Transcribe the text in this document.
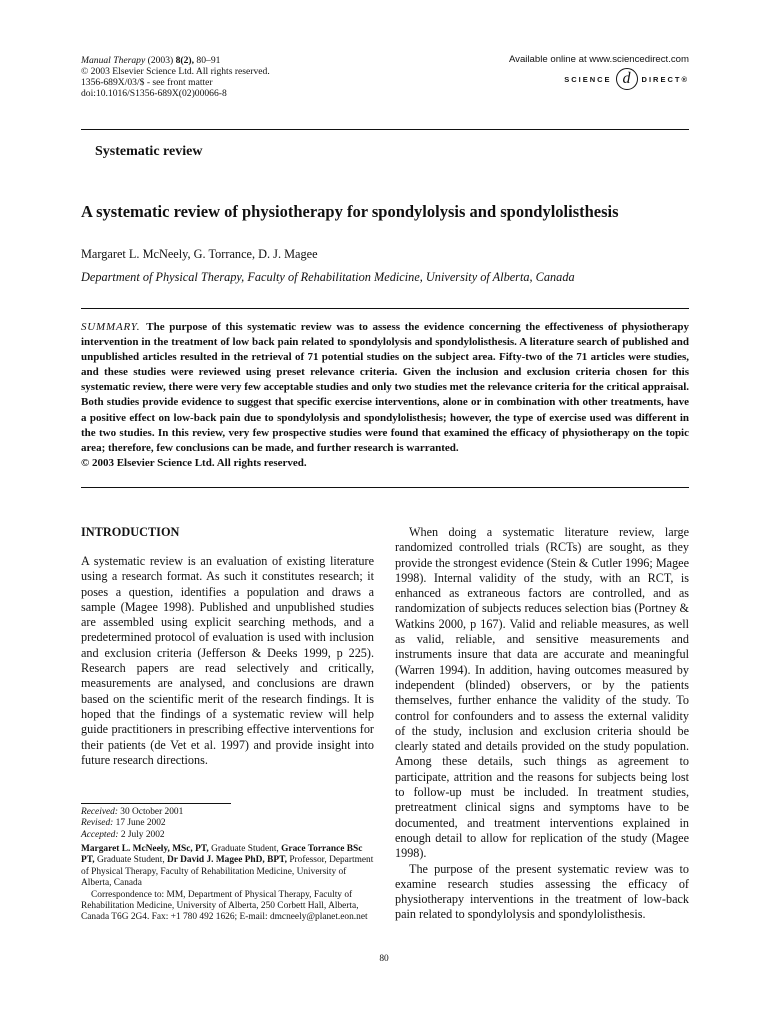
Manual Therapy (2003) 8(2), 80–91
© 2003 Elsevier Science Ltd. All rights reserved.
1356-689X/03/$ - see front matter
doi:10.1016/S1356-689X(02)00066-8
Available online at www.sciencedirect.com
SCIENCE d	DIRECT®
Systematic review
A systematic review of physiotherapy for spondylolysis and spondylolisthesis
Margaret L. McNeely, G. Torrance, D. J. Magee
Department of Physical Therapy, Faculty of Rehabilitation Medicine, University of Alberta, Canada
SUMMARY. The purpose of this systematic review was to assess the evidence concerning the effectiveness of physiotherapy intervention in the treatment of low back pain related to spondylolysis and spondylolisthesis. A literature search of published and unpublished articles resulted in the retrieval of 71 potential studies on the subject area. Fifty-two of the 71 articles were studies, and these studies were reviewed using preset relevance criteria. Given the inclusion and exclusion criteria chosen for this systematic review, there were very few acceptable studies and only two studies met the relevance criteria for the critical appraisal. Both studies provide evidence to suggest that specific exercise interventions, alone or in combination with other treatments, have a positive effect on low-back pain due to spondylolysis and spondylolisthesis; however, the type of exercise used was different in the two studies. In this review, very few prospective studies were found that examined the efficacy of physiotherapy on the topic area; therefore, few conclusions can be made, and further research is warranted.
© 2003 Elsevier Science Ltd. All rights reserved.
INTRODUCTION

A systematic review is an evaluation of existing literature using a research format. As such it constitutes research; it poses a question, identifies a population and draws a sample (Magee 1998). Published and unpublished studies are assembled using explicit searching methods, and a predetermined protocol of evaluation is used with inclusion and exclusion criteria (Jefferson & Deeks 1999, p 225). Research papers are read selectively and critically, measurements are analysed, and conclusions are drawn based on the scientific merit of the research findings. It is hoped that the findings of a systematic review will help guide practitioners in prescribing effective interventions for their patients (de Vet et al. 1997) and provide insight into future research directions.

Received: 30 October 2001
Revised: 17 June 2002
Accepted: 2 July 2002
Margaret L. McNeely, MSc, PT, Graduate Student, Grace Torrance BSc PT, Graduate Student, Dr David J. Magee PhD, BPT, Professor, Department of Physical Therapy, Faculty of Rehabilitation Medicine, University of Alberta, Canada
Correspondence to: MM, Department of Physical Therapy, Faculty of Rehabilitation Medicine, University of Alberta, 250 Corbett Hall, Alberta, Canada T6G 2G4. Fax: +1 780 492 1626; E-mail: dmcneely@planet.eon.net

When doing a systematic literature review, large randomized controlled trials (RCTs) are sought, as they provide the strongest evidence (Stein & Cutler 1996; Magee 1998). Internal validity of the study, with an RCT, is enhanced as extraneous factors are controlled, and as randomization of subjects reduces selection bias (Portney & Watkins 2000, p 167). Valid and reliable measures, as well as valid, reliable, and sensitive measurements and instruments insure that data are accurate and meaningful (Warren 1994). In addition, having outcomes measured by independent (blinded) observers, or by the patients themselves, further enhance the validity of the study. To control for confounders and to assess the external validity of the study, inclusion and exclusion criteria should be clearly stated and details provided on the study population. Among these details, such things as agreement to participate, attrition and the reasons for subjects being lost to follow-up must be included. In treatment studies, pretreatment clinical signs and symptoms have to be documented, and treatment interventions explained in enough detail to allow for replication of the study (Magee 1998).

The purpose of the present systematic review was to examine research studies assessing the efficacy of physiotherapy interventions in the treatment of low-back pain related to spondylolysis and spondylolisthesis.

80
